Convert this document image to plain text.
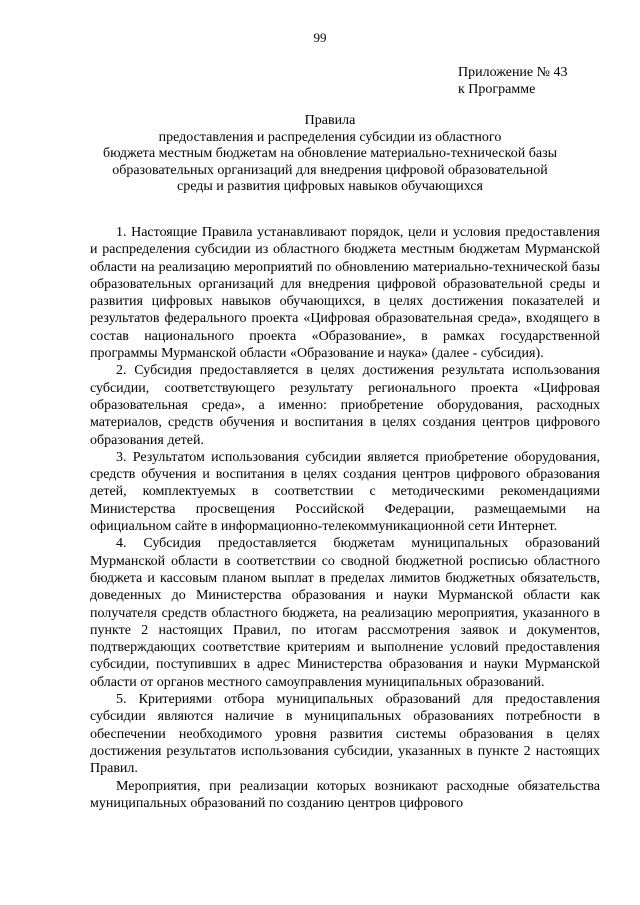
99
Приложение № 43
к Программе
Правила
предоставления и распределения субсидии из областного
бюджета местным бюджетам на обновление материально-технической базы
образовательных организаций для внедрения цифровой образовательной
среды и развития цифровых навыков обучающихся

1. Настоящие Правила устанавливают порядок, цели и условия предоставления и распределения субсидии из областного бюджета местным бюджетам Мурманской области на реализацию мероприятий по обновлению материально-технической базы образовательных организаций для внедрения цифровой образовательной среды и развития цифровых навыков обучающихся, в целях достижения показателей и результатов федерального проекта «Цифровая образовательная среда», входящего в состав национального проекта «Образование», в рамках государственной программы Мурманской области «Образование и наука» (далее - субсидия).

2. Субсидия предоставляется в целях достижения результата использования субсидии, соответствующего результату регионального проекта «Цифровая образовательная среда», а именно: приобретение оборудования, расходных материалов, средств обучения и воспитания в целях создания центров цифрового образования детей.

3. Результатом использования субсидии является приобретение оборудования, средств обучения и воспитания в целях создания центров цифрового образования детей, комплектуемых в соответствии с методическими рекомендациями Министерства просвещения Российской Федерации, размещаемыми на официальном сайте в информационно-телекоммуникационной сети Интернет.

4. Субсидия предоставляется бюджетам муниципальных образований Мурманской области в соответствии со сводной бюджетной росписью областного бюджета и кассовым планом выплат в пределах лимитов бюджетных обязательств, доведенных до Министерства образования и науки Мурманской области как получателя средств областного бюджета, на реализацию мероприятия, указанного в пункте 2 настоящих Правил, по итогам рассмотрения заявок и документов, подтверждающих соответствие критериям и выполнение условий предоставления субсидии, поступивших в адрес Министерства образования и науки Мурманской области от органов местного самоуправления муниципальных образований.

5. Критериями отбора муниципальных образований для предоставления субсидии являются наличие в муниципальных образованиях потребности в обеспечении необходимого уровня развития системы образования в целях достижения результатов использования субсидии, указанных в пункте 2 настоящих Правил.

Мероприятия, при реализации которых возникают расходные обязательства муниципальных образований по созданию центров цифрового
